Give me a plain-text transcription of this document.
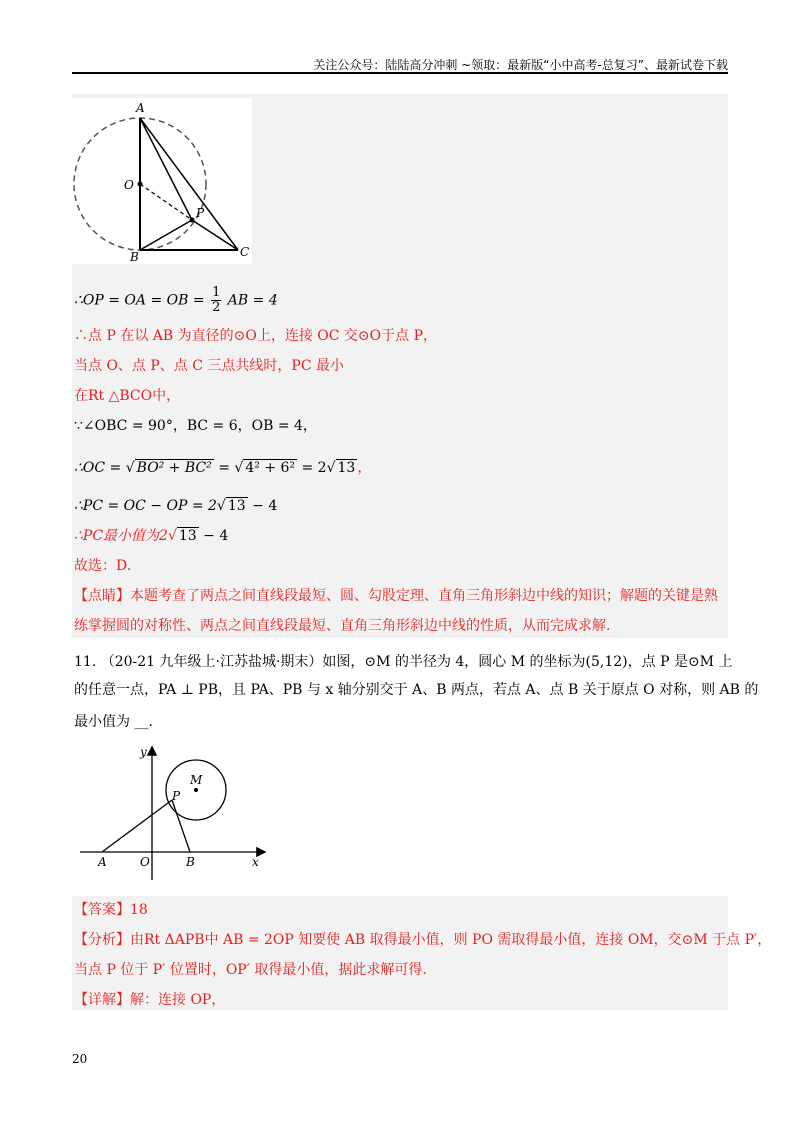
关注公众号：陆陆高分冲刺 ~领取：最新版“小中高考-总复习”、最新试卷下载
A
O
P
B	C
∴OP = OA = OB = $\frac{1}{2}$ AB = 4
∴点 P 在以 AB 为直径的⊙O上，连接 OC 交⊙O于点 P，
当点 O、点 P、点 C 三点共线时，PC 最小
在Rt △BCO中，
∵∠OBC = 90°，BC = 6，OB = 4，
∴OC = √ BO² + BC² = √ 4² + 6² = 2√ 13 ，
∴PC = OC − OP = 2√ 13 − 4
∴PC最小值为2√ 13 − 4
故选：D.
【点睛】本题考查了两点之间直线段最短、圆、勾股定理、直角三角形斜边中线的知识；解题的关键是熟
练掌握圆的对称性、两点之间直线段最短、直角三角形斜边中线的性质，从而完成求解.
11. （20-21 九年级上·江苏盐城·期末）如图，⊙M 的半径为 4，圆心 M 的坐标为(5,12)，点 P 是⊙M 上
的任意一点，PA ⊥ PB，且 PA、PB 与 x 轴分别交于 A、B 两点，若点 A、点 B 关于原点 O 对称，则 AB 的
最小值为 __.
y
M
P
A	O	B	x
【答案】18
【分析】由Rt ΔAPB中 AB = 2OP 知要使 AB 取得最小值，则 PO 需取得最小值，连接 OM，交⊙M 于点 P′，
当点 P 位于 P′ 位置时，OP′ 取得最小值，据此求解可得.
【详解】解：连接 OP，
20
